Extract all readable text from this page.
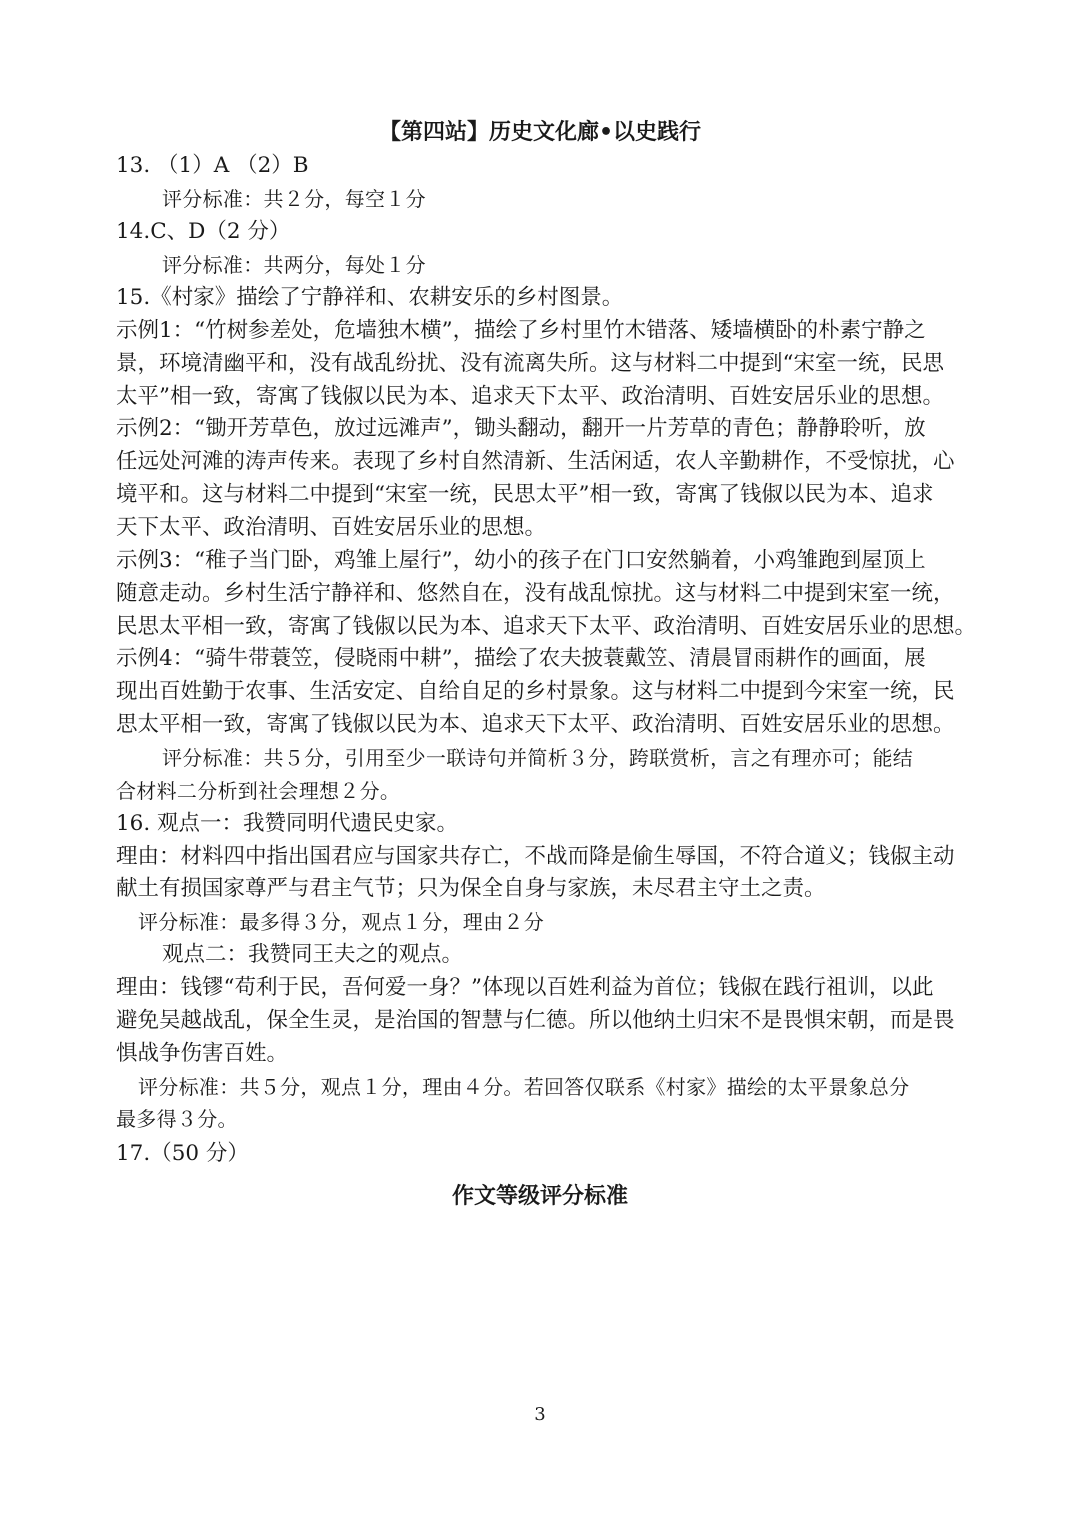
【第四站】历史文化廊•以史践行
13. （1）A （2）B
评分标准：共２分，每空１分
14.C、D（2 分）
评分标准：共两分，每处１分
15.《村家》描绘了宁静祥和、农耕安乐的乡村图景。
示例1：“竹树参差处，危墙独木横”，描绘了乡村里竹木错落、矮墙横卧的朴素宁静之
景，环境清幽平和，没有战乱纷扰、没有流离失所。这与材料二中提到“宋室一统，民思
太平”相一致，寄寓了钱俶以民为本、追求天下太平、政治清明、百姓安居乐业的思想。
示例2：“锄开芳草色，放过远滩声”，锄头翻动，翻开一片芳草的青色；静静聆听，放
任远处河滩的涛声传来。表现了乡村自然清新、生活闲适，农人辛勤耕作，不受惊扰，心
境平和。这与材料二中提到“宋室一统，民思太平”相一致，寄寓了钱俶以民为本、追求
天下太平、政治清明、百姓安居乐业的思想。
示例3：“稚子当门卧，鸡雏上屋行”，幼小的孩子在门口安然躺着，小鸡雏跑到屋顶上
随意走动。乡村生活宁静祥和、悠然自在，没有战乱惊扰。这与材料二中提到宋室一统，
民思太平相一致，寄寓了钱俶以民为本、追求天下太平、政治清明、百姓安居乐业的思想。
示例4：“骑牛带蓑笠，侵晓雨中耕”，描绘了农夫披蓑戴笠、清晨冒雨耕作的画面，展
现出百姓勤于农事、生活安定、自给自足的乡村景象。这与材料二中提到今宋室一统，民
思太平相一致，寄寓了钱俶以民为本、追求天下太平、政治清明、百姓安居乐业的思想。
评分标准：共５分，引用至少一联诗句并简析３分，跨联赏析，言之有理亦可；能结
合材料二分析到社会理想２分。
16. 观点一：我赞同明代遗民史家。
理由：材料四中指出国君应与国家共存亡，不战而降是偷生辱国，不符合道义；钱俶主动
献土有损国家尊严与君主气节；只为保全自身与家族，未尽君主守土之责。
评分标准：最多得３分，观点１分，理由２分
观点二：我赞同王夫之的观点。
理由：钱镠“苟利于民，吾何爱一身？”体现以百姓利益为首位；钱俶在践行祖训，以此
避免吴越战乱，保全生灵，是治国的智慧与仁德。所以他纳土归宋不是畏惧宋朝，而是畏
惧战争伤害百姓。
评分标准：共５分，观点１分，理由４分。若回答仅联系《村家》描绘的太平景象总分
最多得３分。
17.（50 分）
作文等级评分标准
3
